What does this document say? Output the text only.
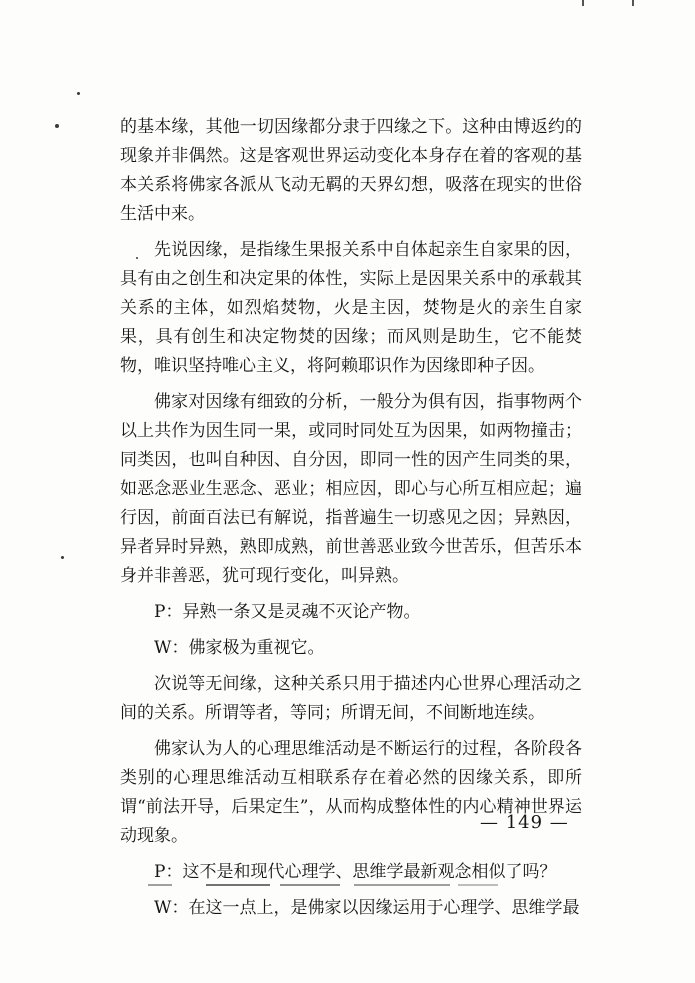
的基本缘，其他一切因缘都分隶于四缘之下。这种由博返约的现象并非偶然。这是客观世界运动变化本身存在着的客观的基本关系将佛家各派从飞动无羁的天界幻想，吸落在现实的世俗生活中来。

先说因缘，是指缘生果报关系中自体起亲生自家果的因，具有由之创生和决定果的体性，实际上是因果关系中的承载其关系的主体，如烈焰焚物，火是主因，焚物是火的亲生自家果，具有创生和决定物焚的因缘；而风则是助生，它不能焚物，唯识坚持唯心主义，将阿赖耶识作为因缘即种子因。

佛家对因缘有细致的分析，一般分为俱有因，指事物两个以上共作为因生同一果，或同时同处互为因果，如两物撞击；同类因，也叫自种因、自分因，即同一性的因产生同类的果，如恶念恶业生恶念、恶业；相应因，即心与心所互相应起；遍行因，前面百法已有解说，指普遍生一切惑见之因；异熟因，异者异时异熟，熟即成熟，前世善恶业致今世苦乐，但苦乐本身并非善恶，犹可现行变化，叫异熟。

P：异熟一条又是灵魂不灭论产物。

W：佛家极为重视它。

次说等无间缘，这种关系只用于描述内心世界心理活动之间的关系。所谓等者，等同；所谓无间，不间断地连续。

佛家认为人的心理思维活动是不断运行的过程，各阶段各类别的心理思维活动互相联系存在着必然的因缘关系，即所谓“前法开导，后果定生”，从而构成整体性的内心精神世界运动现象。

P：这不是和现代心理学、思维学最新观念相似了吗？

W：在这一点上，是佛家以因缘运用于心理学、思维学最

— 149 —
